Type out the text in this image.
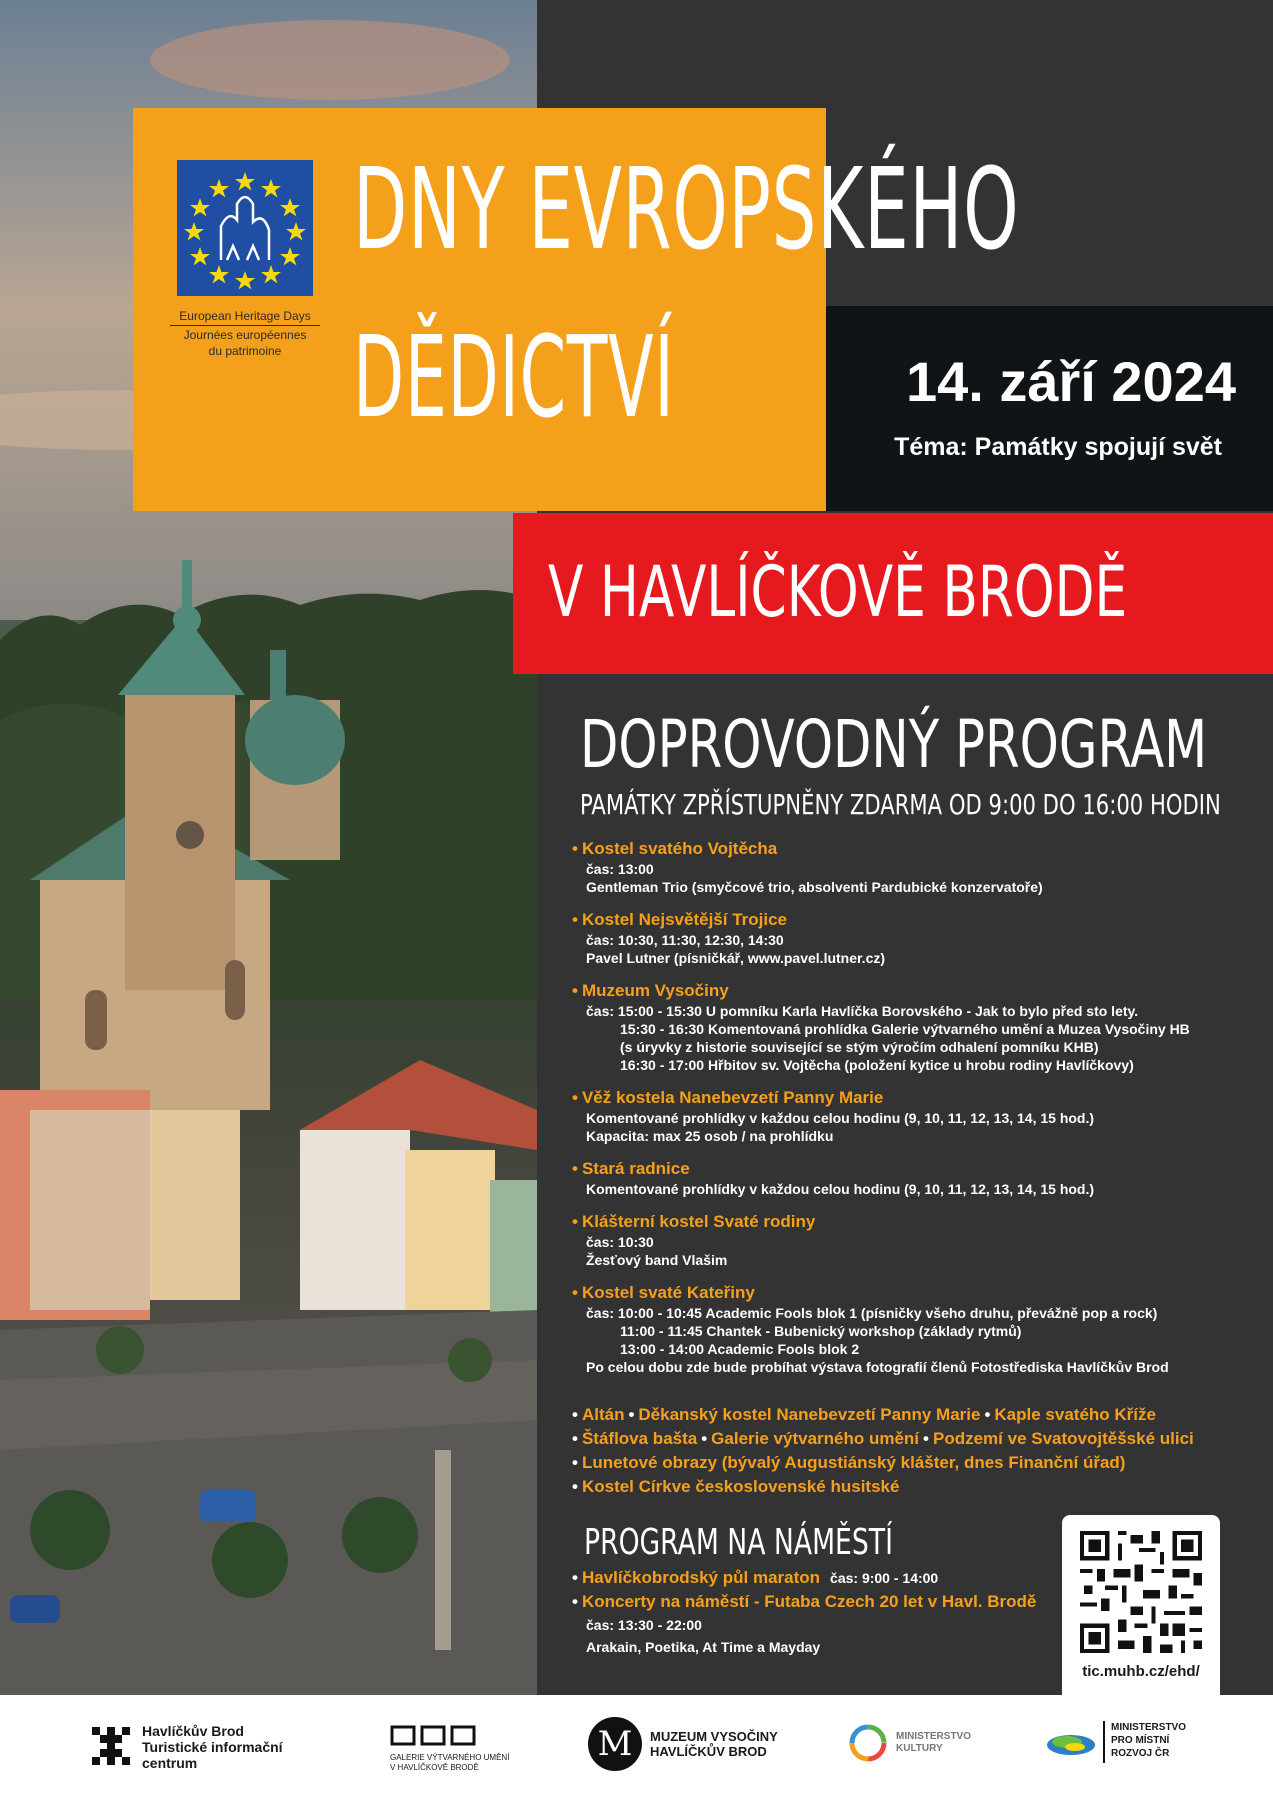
European Heritage Days
Journées européennes
du patrimoine
DNY EVROPSKÉHO
DĚDICTVÍ	14. září 2024
Téma: Památky spojují svět
V HAVLÍČKOVĚ BRODĚ
DOPROVODNÝ PROGRAM
PAMÁTKY ZPŘÍSTUPNĚNY ZDARMA OD 9:00 DO 16:00 HODIN
• Kostel svatého Vojtěcha
čas: 13:00
Gentleman Trio (smyčcové trio, absolventi Pardubické konzervatoře)
• Kostel Nejsvětější Trojice
čas: 10:30, 11:30, 12:30, 14:30
Pavel Lutner (písničkář, www.pavel.lutner.cz)
• Muzeum Vysočiny
čas: 15:00 - 15:30 U pomníku Karla Havlíčka Borovského - Jak to bylo před sto lety.
15:30 - 16:30 Komentovaná prohlídka Galerie výtvarného umění a Muzea Vysočiny HB
(s úryvky z historie související se stým výročím odhalení pomníku KHB)
16:30 - 17:00 Hřbitov sv. Vojtěcha (položení kytice u hrobu rodiny Havlíčkovy)
• Věž kostela Nanebevzetí Panny Marie
Komentované prohlídky v každou celou hodinu (9, 10, 11, 12, 13, 14, 15 hod.)
Kapacita: max 25 osob / na prohlídku
• Stará radnice
Komentované prohlídky v každou celou hodinu (9, 10, 11, 12, 13, 14, 15 hod.)
• Klášterní kostel Svaté rodiny
čas: 10:30
Žesťový band Vlašim
• Kostel svaté Kateřiny
čas: 10:00 - 10:45 Academic Fools blok 1 (písničky všeho druhu, převážně pop a rock)
11:00 - 11:45 Chantek - Bubenický workshop (základy rytmů)
13:00 - 14:00 Academic Fools blok 2
Po celou dobu zde bude probíhat výstava fotografií členů Fotostřediska Havlíčkův Brod
• Altán • Děkanský kostel Nanebevzetí Panny Marie • Kaple svatého Kříže
• Štáflova bašta • Galerie výtvarného umění • Podzemí ve Svatovojtěšské ulici
• Lunetové obrazy (bývalý Augustiánský klášter, dnes Finanční úřad)
• Kostel Církve československé husitské
PROGRAM NA NÁMĚSTÍ
• Havlíčkobrodský půl maraton čas: 9:00 - 14:00
• Koncerty na náměstí - Futaba Czech 20 let v Havl. Brodě
čas: 13:30 - 22:00
Arakain, Poetika, At Time a Mayday
tic.muhb.cz/ehd/
Havlíčkův Brod
Turistické informační
centrum	GALERIE VÝTVARNÉHO UMĚNÍ
V HAVLÍČKOVĚ BRODĚ
M	MUZEUM VYSOČINY
HAVLÍČKŮV BROD
MINISTERSTVO
KULTURY
MINISTERSTVO
PRO MÍSTNÍ
ROZVOJ ČR
